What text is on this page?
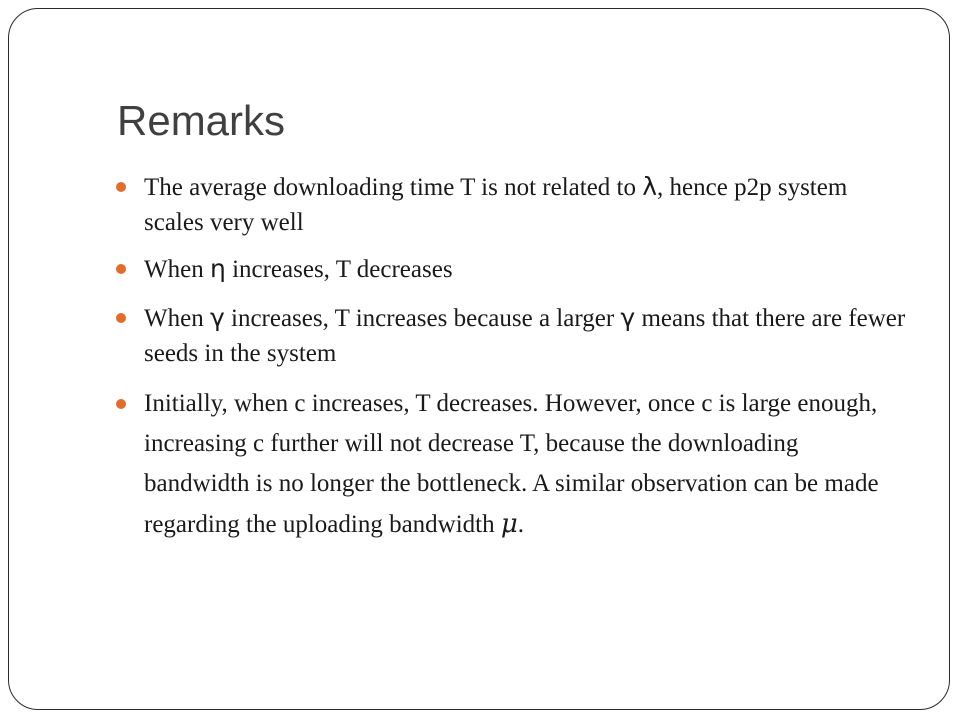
Remarks
The average downloading time T is not related to λ, hence p2p system scales very well
When η increases, T decreases
When γ increases, T increases because a larger γ means that there are fewer seeds in the system
Initially, when c increases, T decreases. However, once c is large enough, increasing c further will not decrease T, because the downloading bandwidth is no longer the bottleneck. A similar observation can be made regarding the uploading bandwidth μ.
